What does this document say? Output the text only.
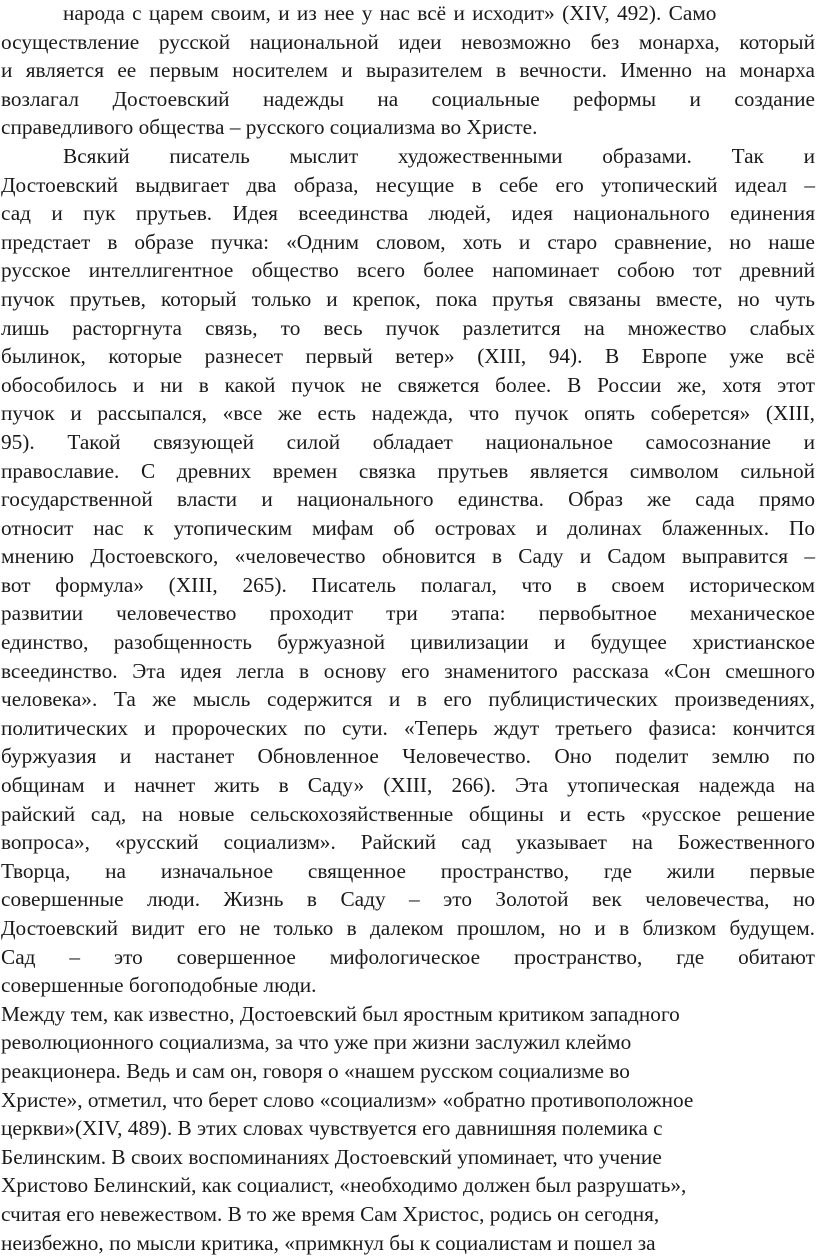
народа с царем своим, и из нее у нас всё и исходит» (XIV, 492). Само
осуществление русской национальной идеи невозможно без монарха, который
и является ее первым носителем и выразителем в вечности. Именно на монарха
возлагал Достоевский надежды на социальные реформы и создание
справедливого общества – русского социализма во Христе.
Всякий писатель мыслит художественными образами. Так и
Достоевский выдвигает два образа, несущие в себе его утопический идеал –
сад и пук прутьев. Идея всеединства людей, идея национального единения
предстает в образе пучка: «Одним словом, хоть и старо сравнение, но наше
русское интеллигентное общество всего более напоминает собою тот древний
пучок прутьев, который только и крепок, пока прутья связаны вместе, но чуть
лишь расторгнута связь, то весь пучок разлетится на множество слабых
былинок, которые разнесет первый ветер» (XIII, 94). В Европе уже всё
обособилось и ни в какой пучок не свяжется более. В России же, хотя этот
пучок и рассыпался, «все же есть надежда, что пучок опять соберется» (XIII,
95). Такой связующей силой обладает национальное самосознание и
православие. С древних времен связка прутьев является символом сильной
государственной власти и национального единства. Образ же сада прямо
относит нас к утопическим мифам об островах и долинах блаженных. По
мнению Достоевского, «человечество обновится в Саду и Садом выправится –
вот формула» (XIII, 265). Писатель полагал, что в своем историческом
развитии человечество проходит три этапа: первобытное механическое
единство, разобщенность буржуазной цивилизации и будущее христианское
всеединство. Эта идея легла в основу его знаменитого рассказа «Сон смешного
человека». Та же мысль содержится и в его публицистических произведениях,
политических и пророческих по сути. «Теперь ждут третьего фазиса: кончится
буржуазия и настанет Обновленное Человечество. Оно поделит землю по
общинам и начнет жить в Саду» (XIII, 266). Эта утопическая надежда на
райский сад, на новые сельскохозяйственные общины и есть «русское решение
вопроса», «русский социализм». Райский сад указывает на Божественного
Творца, на изначальное священное пространство, где жили первые
совершенные люди. Жизнь в Саду – это Золотой век человечества, но
Достоевский видит его не только в далеком прошлом, но и в близком будущем.
Сад – это совершенное мифологическое пространство, где обитают
совершенные богоподобные люди.
Между тем, как известно, Достоевский был яростным критиком западного
революционного социализма, за что уже при жизни заслужил клеймо
реакционера. Ведь и сам он, говоря о «нашем русском социализме во
Христе», отметил, что берет слово «социализм» «обратно противоположное
церкви»(XIV, 489). В этих словах чувствуется его давнишняя полемика с
Белинским. В своих воспоминаниях Достоевский упоминает, что учение
Христово Белинский, как социалист, «необходимо должен был разрушать»,
считая его невежеством. В то же время Сам Христос, родись он сегодня,
неизбежно, по мысли критика, «примкнул бы к социалистам и пошел за
